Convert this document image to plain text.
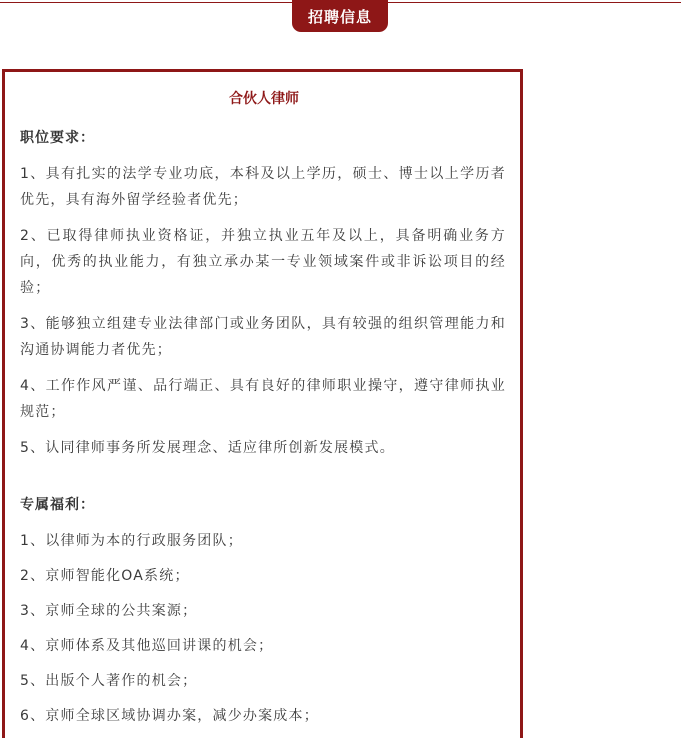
招聘信息
合伙人律师
职位要求：

1、具有扎实的法学专业功底，本科及以上学历，硕士、博士以上学历者优先，具有海外留学经验者优先；

2、已取得律师执业资格证，并独立执业五年及以上，具备明确业务方向，优秀的执业能力，有独立承办某一专业领域案件或非诉讼项目的经验；

3、能够独立组建专业法律部门或业务团队，具有较强的组织管理能力和沟通协调能力者优先；

4、工作作风严谨、品行端正、具有良好的律师职业操守，遵守律师执业规范；

5、认同律师事务所发展理念、适应律所创新发展模式。

专属福利：

1、以律师为本的行政服务团队；

2、京师智能化OA系统；

3、京师全球的公共案源；

4、京师体系及其他巡回讲课的机会；

5、出版个人著作的机会；

6、京师全球区域协调办案，减少办案成本；
